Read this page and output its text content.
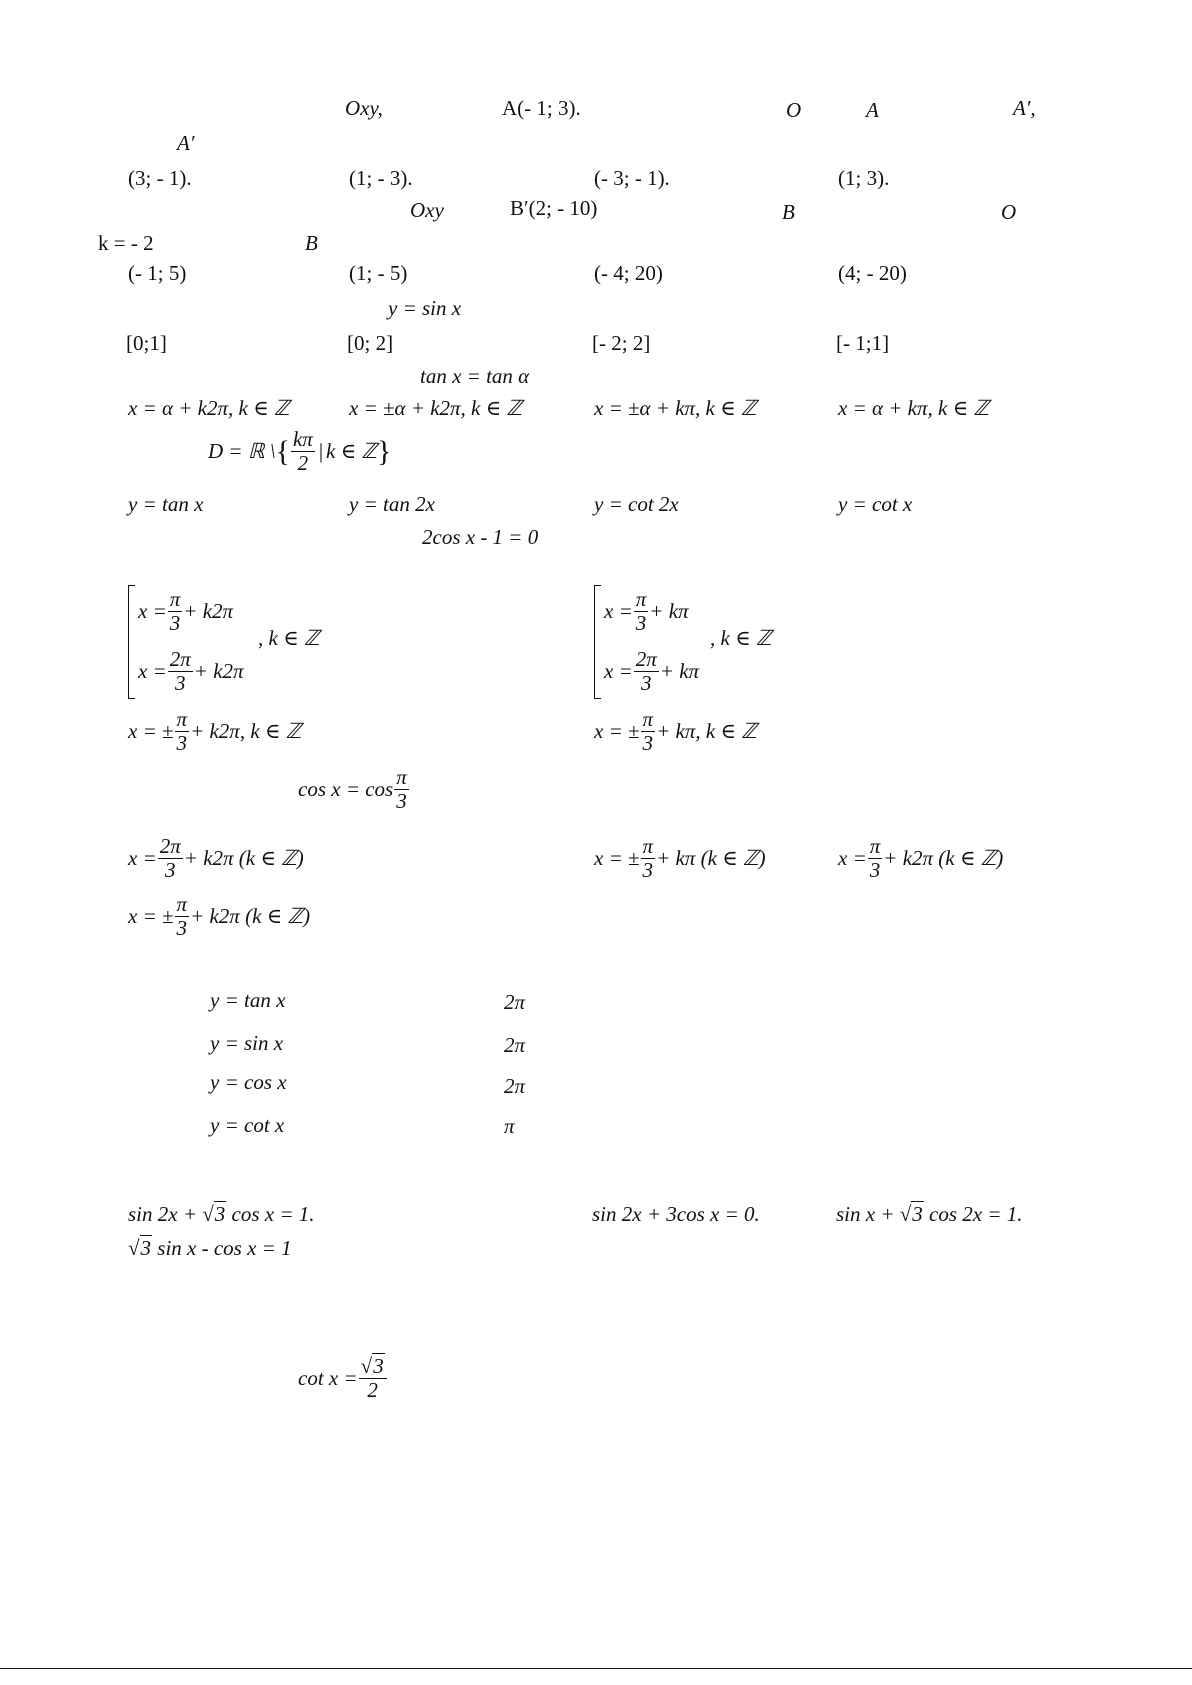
Oxy,	A(- 1; 3).	O	A	A′,
A′
(3; - 1).	(1; - 3).	(- 3; - 1).	(1; 3).
Oxy	B′(2; - 10)	B	O
k = - 2	B
(- 1; 5)	(1; - 5)	(- 4; 20)	(4; - 20)
y = sin x
[0;1]	[0; 2]	[- 2; 2]	[- 1;1]
tan x = tan α
x = α + k2π, k ∈ ℤ	x = ±α + k2π, k ∈ ℤ	x = ±α + kπ, k ∈ ℤ	x = α + kπ, k ∈ ℤ
D = ℝ \ { $\frac{k\pi}{2}$ | k ∈ ℤ }
y = tan x	y = tan 2x	y = cot 2x	y = cot x
2cos x - 1 = 0
$x = \frac{\pi}{3} + k2\pi$
, k ∈ ℤ
$x = \frac{2\pi}{3} + k2\pi$
$x = \frac{\pi}{3} + k\pi$
, k ∈ ℤ
$x = \frac{2\pi}{3} + k\pi$
x = ± $\frac{\pi}{3} + k2\pi$, k ∈ ℤ	x = ± $\frac{\pi}{3} + k\pi$, k ∈ ℤ
$\cos x = \cos \frac{\pi}{3}$
$x = \frac{2\pi}{3} + k2\pi$ (k ∈ ℤ)	x = ± $\frac{\pi}{3} + k\pi$ (k ∈ ℤ)	$x = \frac{\pi}{3} + k2\pi$ (k ∈ ℤ)
x = ± $\frac{\pi}{3} + k2\pi$ (k ∈ ℤ)
y = tan x	2π
y = sin x	2π
y = cos x	2π
y = cot x	π
sin 2x + √3 cos x = 1.	sin 2x + 3cos x = 0.	sin x + √3 cos 2x = 1.
√3 sin x - cos x = 1
$\cot x = \frac{√3}{2}$
